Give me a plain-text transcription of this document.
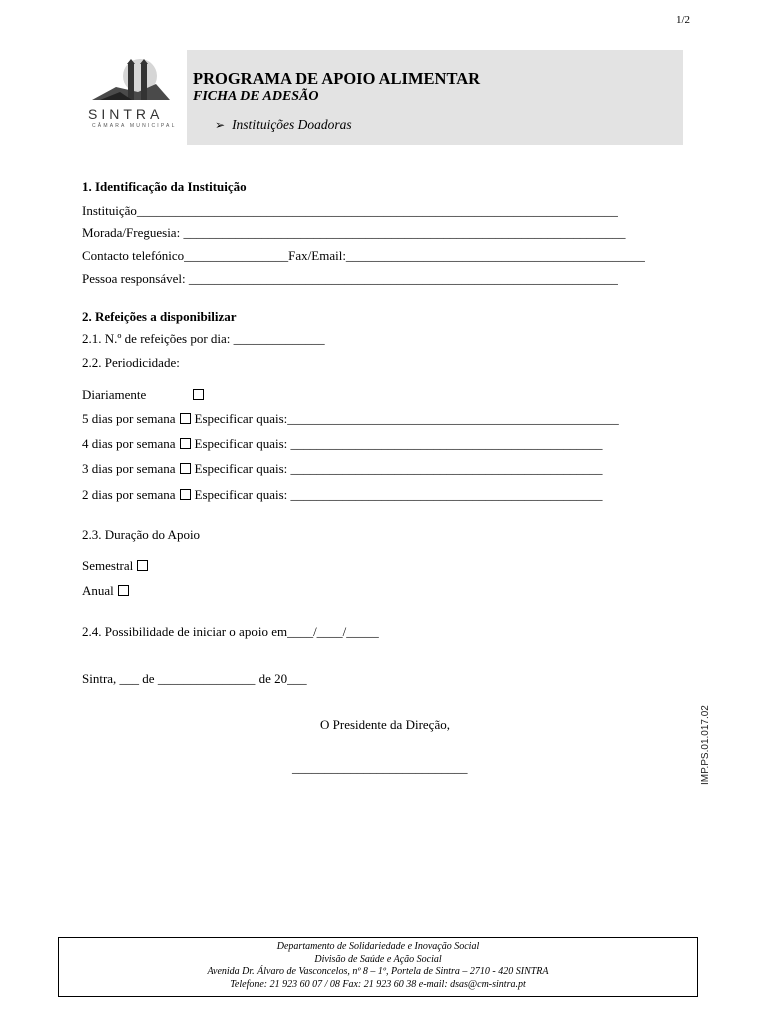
1/2
SINTRA
CÂMARA MUNICIPAL
PROGRAMA DE APOIO ALIMENTAR
FICHA DE ADESÃO
➢ Instituições Doadoras
1. Identificação da Instituição
Instituição__________________________________________________________________________
Morada/Freguesia: ____________________________________________________________________
Contacto telefónico________________Fax/Email:______________________________________________
Pessoa responsável: __________________________________________________________________
2. Refeições a disponibilizar
2.1. N.º de refeições por dia: ______________
2.2. Periodicidade:
Diariamente
5 dias por semana Especificar quais:___________________________________________________
4 dias por semana Especificar quais: ________________________________________________
3 dias por semana Especificar quais: ________________________________________________
2 dias por semana Especificar quais: ________________________________________________
2.3. Duração do Apoio
Semestral
Anual
2.4. Possibilidade de iniciar o apoio em____/____/_____
Sintra, ___ de _______________ de 20___
O Presidente da Direção,
___________________________	IMP.PS.01.017.02
Departamento de Solidariedade e Inovação Social
Divisão de Saúde e Ação Social
Avenida Dr. Álvaro de Vasconcelos, nº 8 – 1º, Portela de Sintra – 2710 - 420 SINTRA
Telefone: 21 923 60 07 / 08 Fax: 21 923 60 38 e-mail: dsas@cm-sintra.pt
